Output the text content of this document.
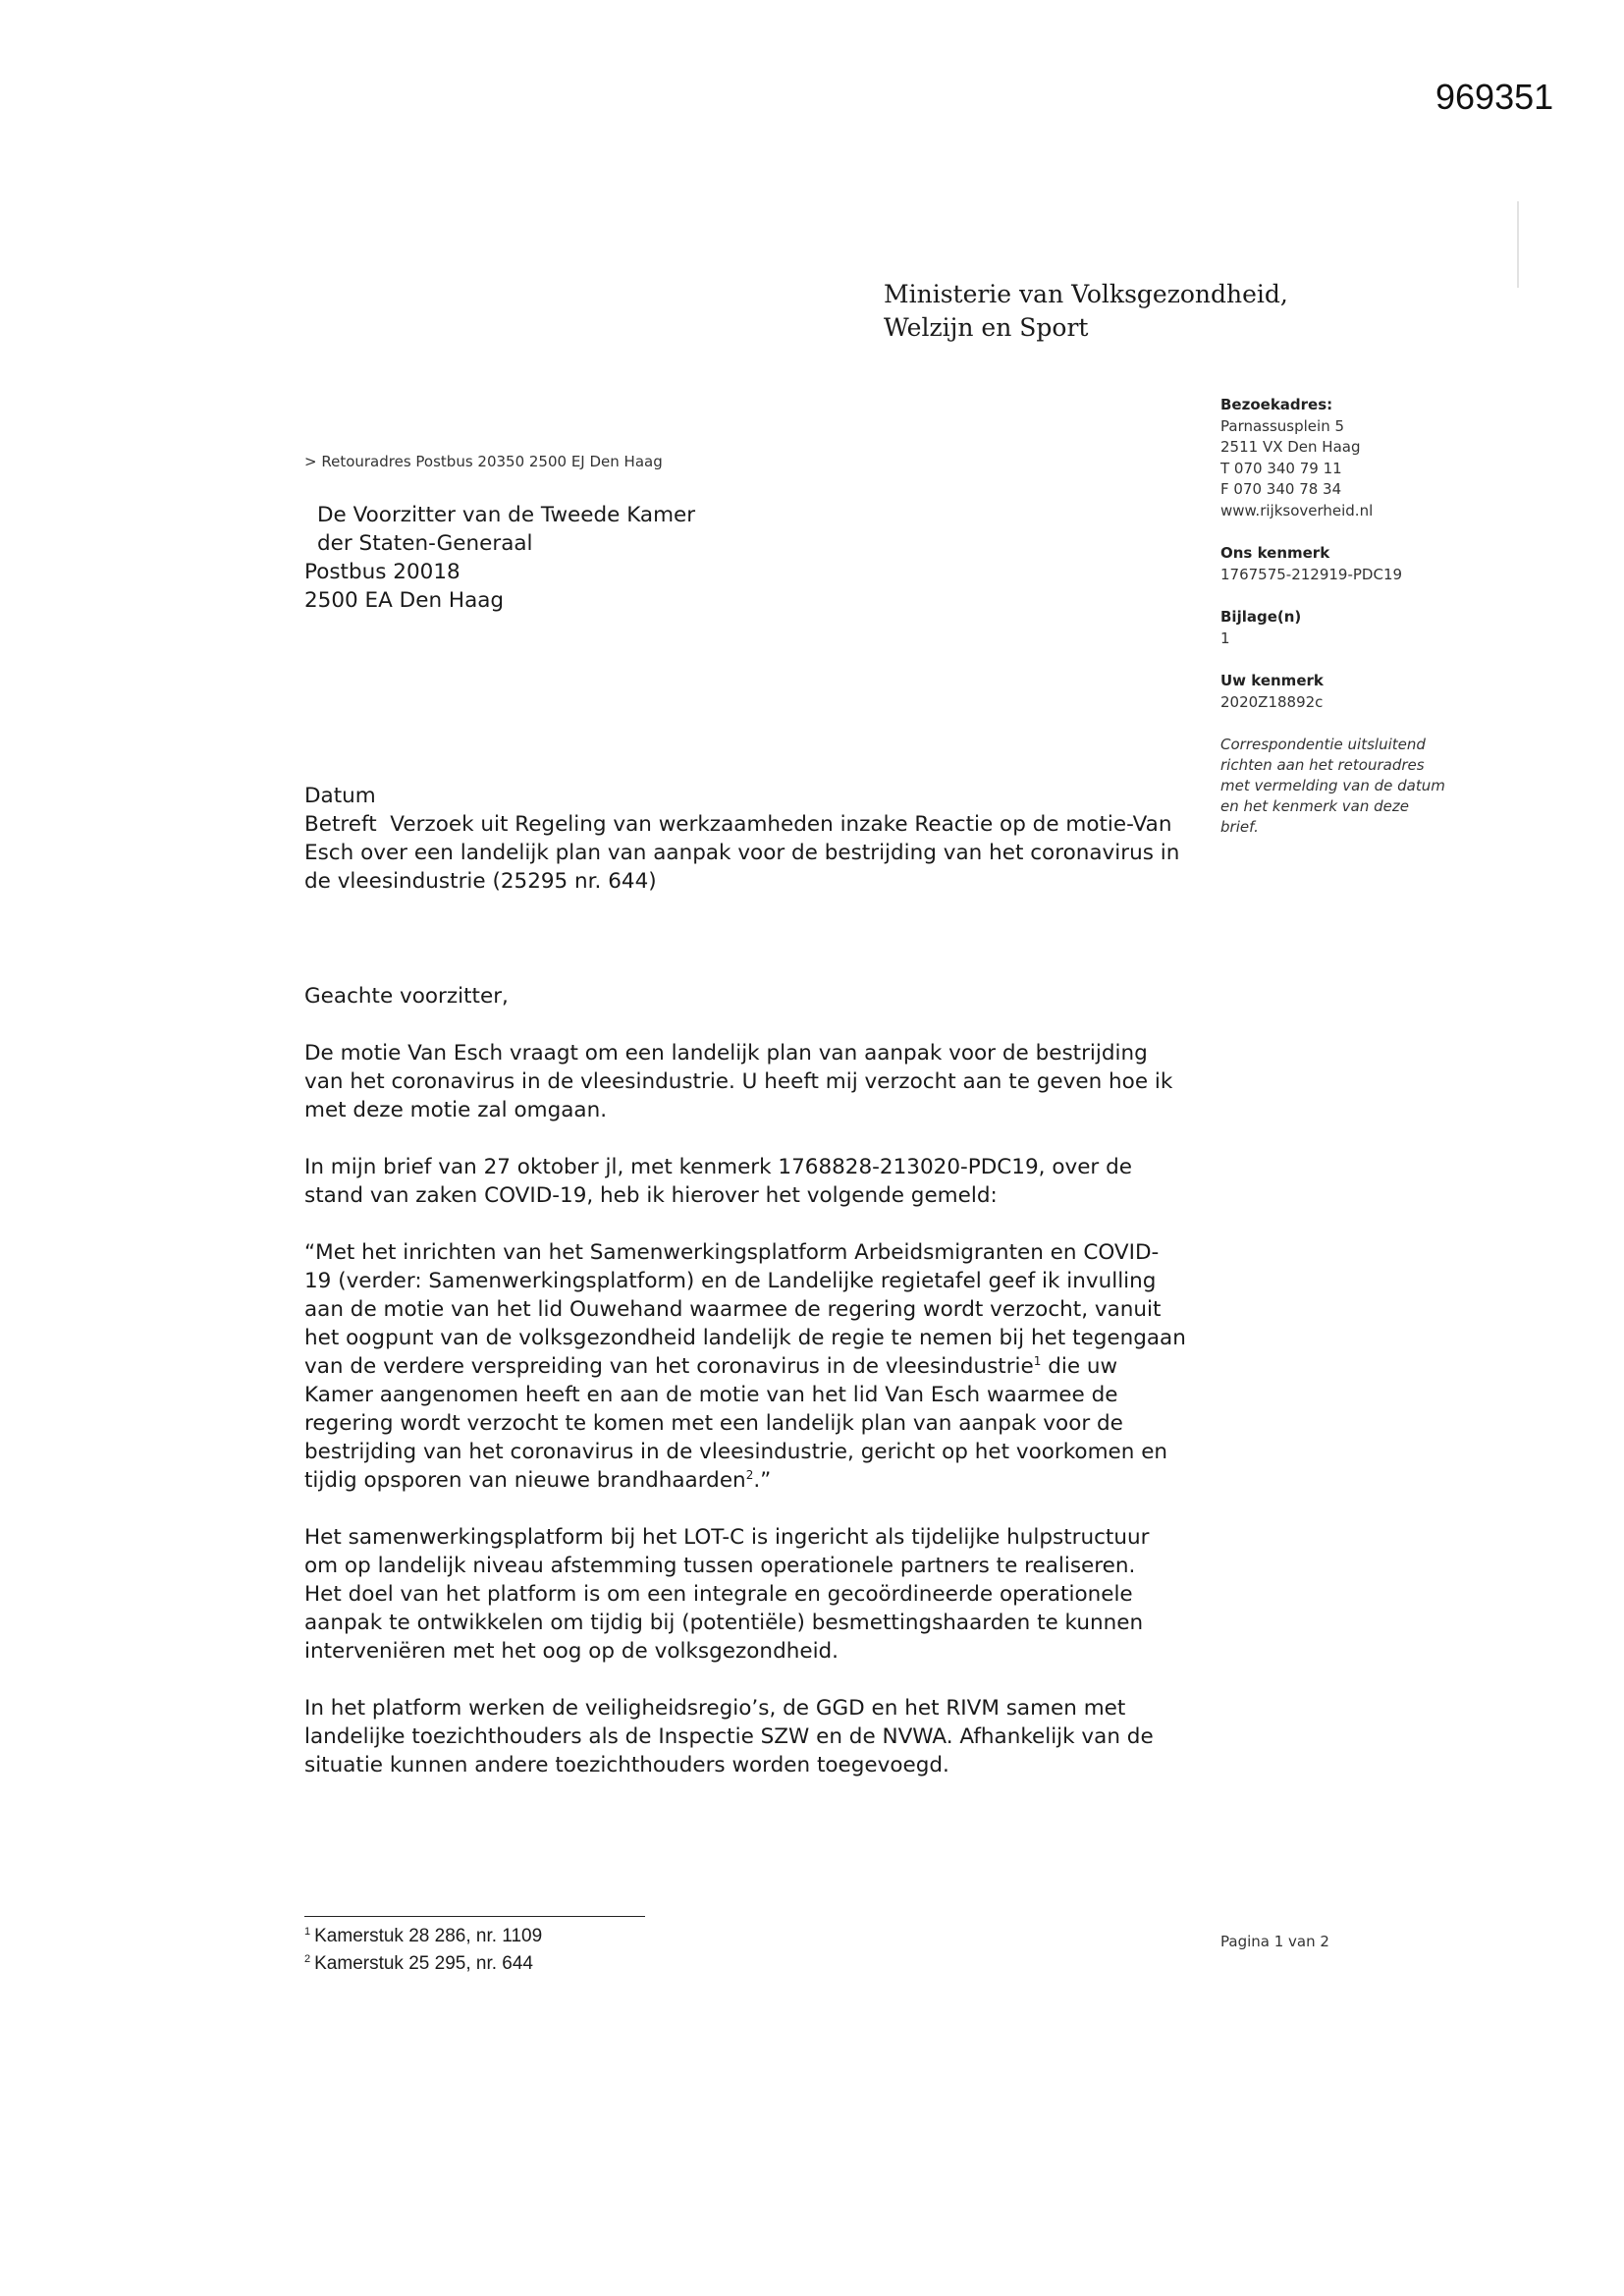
969351
Ministerie van Volksgezondheid,
Welzijn en Sport
Bezoekadres:
Parnassusplein 5
2511 VX Den Haag
T 070 340 79 11
F 070 340 78 34
www.rijksoverheid.nl
Ons kenmerk
1767575-212919-PDC19
Bijlage(n)
1
Uw kenmerk
2020Z18892c
Correspondentie uitsluitend
richten aan het retouradres
met vermelding van de datum
en het kenmerk van deze
brief.
> Retouradres Postbus 20350 2500 EJ Den Haag
De Voorzitter van de Tweede Kamer
der Staten-Generaal
Postbus 20018
2500 EA Den Haag
Datum
Betreft Verzoek uit Regeling van werkzaamheden inzake Reactie op de motie-Van
Esch over een landelijk plan van aanpak voor de bestrijding van het coronavirus in
de vleesindustrie (25295 nr. 644)

Geachte voorzitter,

De motie Van Esch vraagt om een landelijk plan van aanpak voor de bestrijding
van het coronavirus in de vleesindustrie. U heeft mij verzocht aan te geven hoe ik
met deze motie zal omgaan.

In mijn brief van 27 oktober jl, met kenmerk 1768828-213020-PDC19, over de
stand van zaken COVID-19, heb ik hierover het volgende gemeld:

“Met het inrichten van het Samenwerkingsplatform Arbeidsmigranten en COVID-
19 (verder: Samenwerkingsplatform) en de Landelijke regietafel geef ik invulling
aan de motie van het lid Ouwehand waarmee de regering wordt verzocht, vanuit
het oogpunt van de volksgezondheid landelijk de regie te nemen bij het tegengaan
van de verdere verspreiding van het coronavirus in de vleesindustrie$^1$ die uw
Kamer aangenomen heeft en aan de motie van het lid Van Esch waarmee de
regering wordt verzocht te komen met een landelijk plan van aanpak voor de
bestrijding van het coronavirus in de vleesindustrie, gericht op het voorkomen en
tijdig opsporen van nieuwe brandhaarden$^2$.”

Het samenwerkingsplatform bij het LOT-C is ingericht als tijdelijke hulpstructuur
om op landelijk niveau afstemming tussen operationele partners te realiseren.
Het doel van het platform is om een integrale en gecoördineerde operationele
aanpak te ontwikkelen om tijdig bij (potentiële) besmettingshaarden te kunnen
interveniëren met het oog op de volksgezondheid.

In het platform werken de veiligheidsregio’s, de GGD en het RIVM samen met
landelijke toezichthouders als de Inspectie SZW en de NVWA. Afhankelijk van de
situatie kunnen andere toezichthouders worden toegevoegd.

$^1$ Kamerstuk 28 286, nr. 1109
$^2$ Kamerstuk 25 295, nr. 644
Pagina 1 van 2
